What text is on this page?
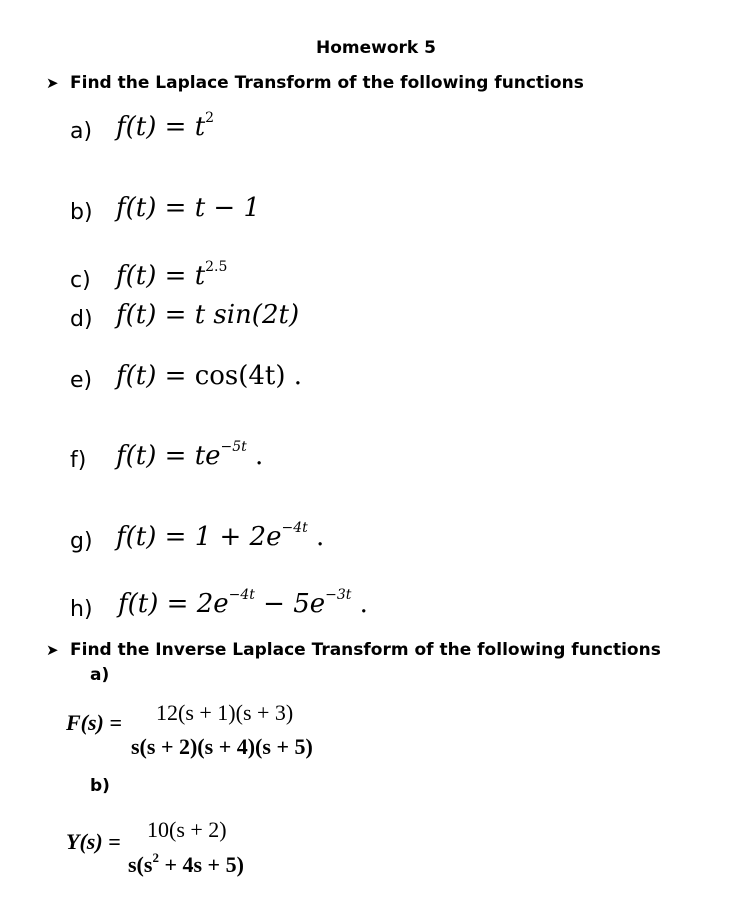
Homework 5
➤ Find the Laplace Transform of the following functions
a) $f(t) = t^2$
b) f(t) = t − 1
c) $f(t) = t^{2.5}$
d) f(t) = t sin(2t)
e) f(t) = cos(4t) .
f) $f(t) = te^{-5t}$ .
g) $f(t) = 1 + 2e^{-4t}$ .
h) $f(t) = 2e^{-4t} - 5e^{-3t}$ .
➤ Find the Inverse Laplace Transform of the following functions
a)
F(s) = 12(s + 1)(s + 3)
s(s + 2)(s + 4)(s + 5)
b)
Y(s) = 10(s + 2)
$s(s^2 + 4s + 5)$
